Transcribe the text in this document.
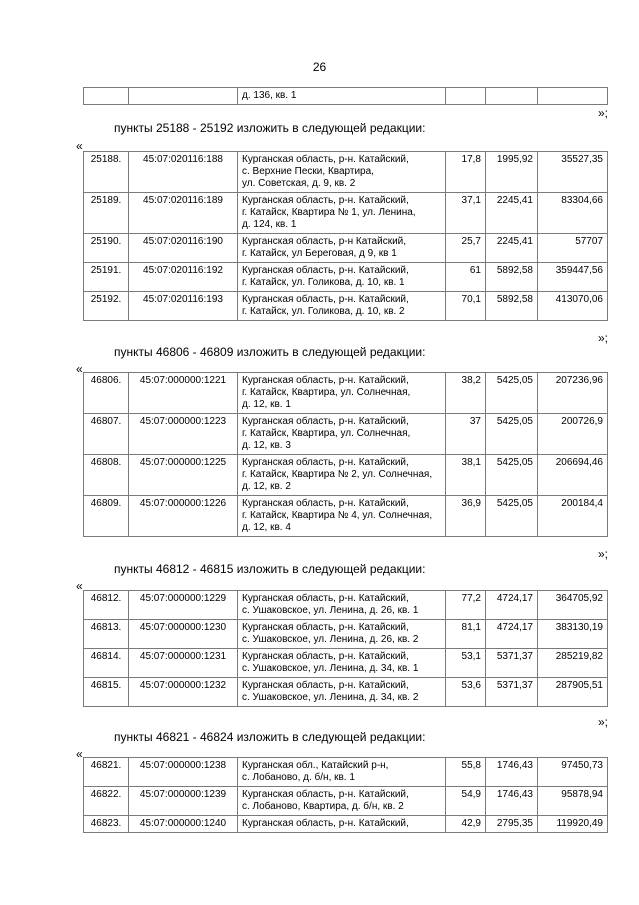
26
		д. 136, кв. 1			
»;
пункты 25188 - 25192 изложить в следующей редакции:
«
25188.	45:07:020116:188	Курганская область, р-н. Катайский,
с. Верхние Пески, Квартира,
ул. Советская, д. 9, кв. 2	17,8	1995,92	35527,35
25189.	45:07:020116:189	Курганская область, р-н. Катайский,
г. Катайск, Квартира № 1, ул. Ленина,
д. 124, кв. 1	37,1	2245,41	83304,66
25190.	45:07:020116:190	Курганская область, р-н Катайский,
г. Катайск, ул Береговая, д 9, кв 1	25,7	2245,41	57707
25191.	45:07:020116:192	Курганская область, р-н. Катайский,
г. Катайск, ул. Голикова, д. 10, кв. 1	61	5892,58	359447,56
25192.	45:07:020116:193	Курганская область, р-н. Катайский,
г. Катайск, ул. Голикова, д. 10, кв. 2	70,1	5892,58	413070,06
»;
пункты 46806 - 46809 изложить в следующей редакции:
«
46806.	45:07:000000:1221	Курганская область, р-н. Катайский,
г. Катайск, Квартира, ул. Солнечная,
д. 12, кв. 1	38,2	5425,05	207236,96
46807.	45:07:000000:1223	Курганская область, р-н. Катайский,
г. Катайск, Квартира, ул. Солнечная,
д. 12, кв. 3	37	5425,05	200726,9
46808.	45:07:000000:1225	Курганская область, р-н. Катайский,
г. Катайск, Квартира № 2, ул. Солнечная,
д. 12, кв. 2	38,1	5425,05	206694,46
46809.	45:07:000000:1226	Курганская область, р-н. Катайский,
г. Катайск, Квартира № 4, ул. Солнечная,
д. 12, кв. 4	36,9	5425,05	200184,4
»;
пункты 46812 - 46815 изложить в следующей редакции:
«
46812.	45:07:000000:1229	Курганская область, р-н. Катайский,
с. Ушаковское, ул. Ленина, д. 26, кв. 1	77,2	4724,17	364705,92
46813.	45:07:000000:1230	Курганская область, р-н. Катайский,
с. Ушаковское, ул. Ленина, д. 26, кв. 2	81,1	4724,17	383130,19
46814.	45:07:000000:1231	Курганская область, р-н. Катайский,
с. Ушаковское, ул. Ленина, д. 34, кв. 1	53,1	5371,37	285219,82
46815.	45:07:000000:1232	Курганская область, р-н. Катайский,
с. Ушаковское, ул. Ленина, д. 34, кв. 2	53,6	5371,37	287905,51
»;
пункты 46821 - 46824 изложить в следующей редакции:
«
46821.	45:07:000000:1238	Курганская обл., Катайский р-н,
с. Лобаново, д. б/н, кв. 1	55,8	1746,43	97450,73
46822.	45:07:000000:1239	Курганская область, р-н. Катайский,
с. Лобаново, Квартира, д. б/н, кв. 2	54,9	1746,43	95878,94
46823.	45:07:000000:1240	Курганская область, р-н. Катайский,	42,9	2795,35	119920,49
